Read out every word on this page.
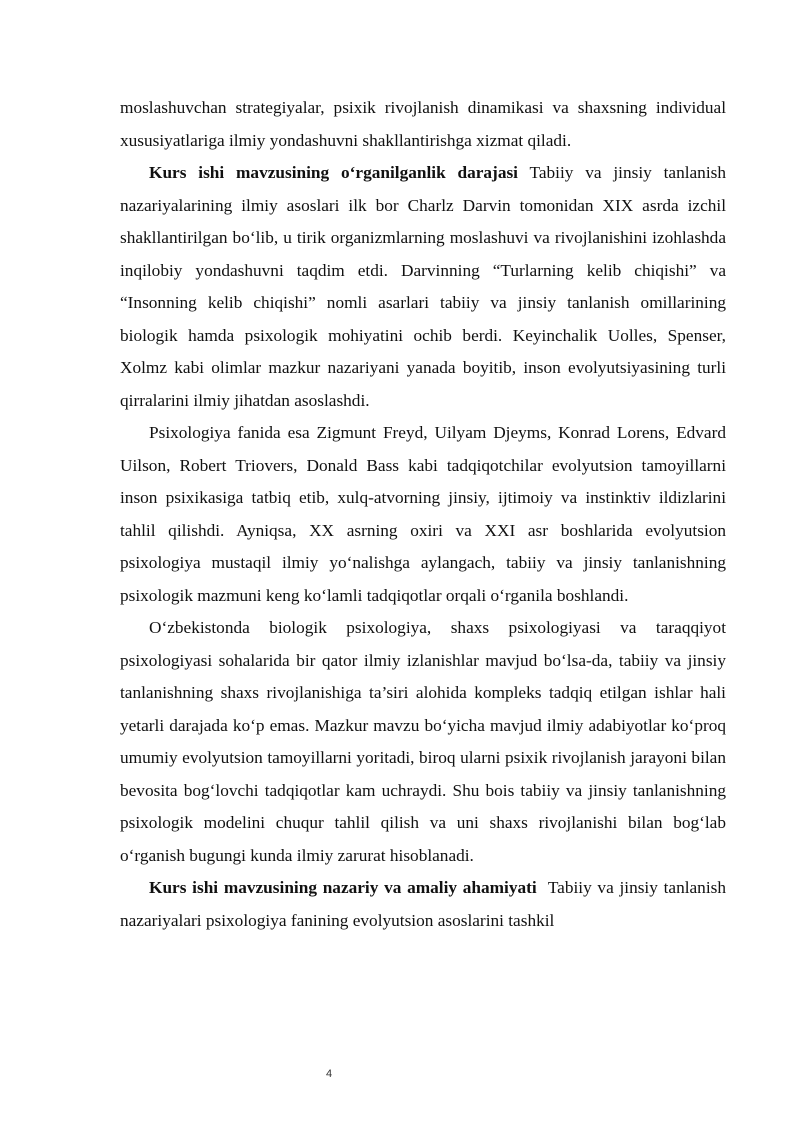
moslashuvchan strategiyalar, psixik rivojlanish dinamikasi va shaxsning individual xususiyatlariga ilmiy yondashuvni shakllantirishga xizmat qiladi.

Kurs ishi mavzusining o‘rganilganlik darajasi Tabiiy va jinsiy tanlanish nazariyalarining ilmiy asoslari ilk bor Charlz Darvin tomonidan XIX asrda izchil shakllantirilgan bo‘lib, u tirik organizmlarning moslashuvi va rivojlanishini izohlashda inqilobiy yondashuvni taqdim etdi. Darvinning “Turlarning kelib chiqishi” va “Insonning kelib chiqishi” nomli asarlari tabiiy va jinsiy tanlanish omillarining biologik hamda psixologik mohiyatini ochib berdi. Keyinchalik Uolles, Spenser, Xolmz kabi olimlar mazkur nazariyani yanada boyitib, inson evolyutsiyasining turli qirralarini ilmiy jihatdan asoslashdi.

Psixologiya fanida esa Zigmunt Freyd, Uilyam Djeyms, Konrad Lorens, Edvard Uilson, Robert Triovers, Donald Bass kabi tadqiqotchilar evolyutsion tamoyillarni inson psixikasiga tatbiq etib, xulq-atvorning jinsiy, ijtimoiy va instinktiv ildizlarini tahlil qilishdi. Ayniqsa, XX asrning oxiri va XXI asr boshlarida evolyutsion psixologiya mustaqil ilmiy yo‘nalishga aylangach, tabiiy va jinsiy tanlanishning psixologik mazmuni keng ko‘lamli tadqiqotlar orqali o‘rganila boshlandi.

O‘zbekistonda biologik psixologiya, shaxs psixologiyasi va taraqqiyot psixologiyasi sohalarida bir qator ilmiy izlanishlar mavjud bo‘lsa-da, tabiiy va jinsiy tanlanishning shaxs rivojlanishiga ta’siri alohida kompleks tadqiq etilgan ishlar hali yetarli darajada ko‘p emas. Mazkur mavzu bo‘yicha mavjud ilmiy adabiyotlar ko‘proq umumiy evolyutsion tamoyillarni yoritadi, biroq ularni psixik rivojlanish jarayoni bilan bevosita bog‘lovchi tadqiqotlar kam uchraydi. Shu bois tabiiy va jinsiy tanlanishning psixologik modelini chuqur tahlil qilish va uni shaxs rivojlanishi bilan bog‘lab o‘rganish bugungi kunda ilmiy zarurat hisoblanadi.

Kurs ishi mavzusining nazariy va amaliy ahamiyati Tabiiy va jinsiy tanlanish nazariyalari psixologiya fanining evolyutsion asoslarini tashkil

4
